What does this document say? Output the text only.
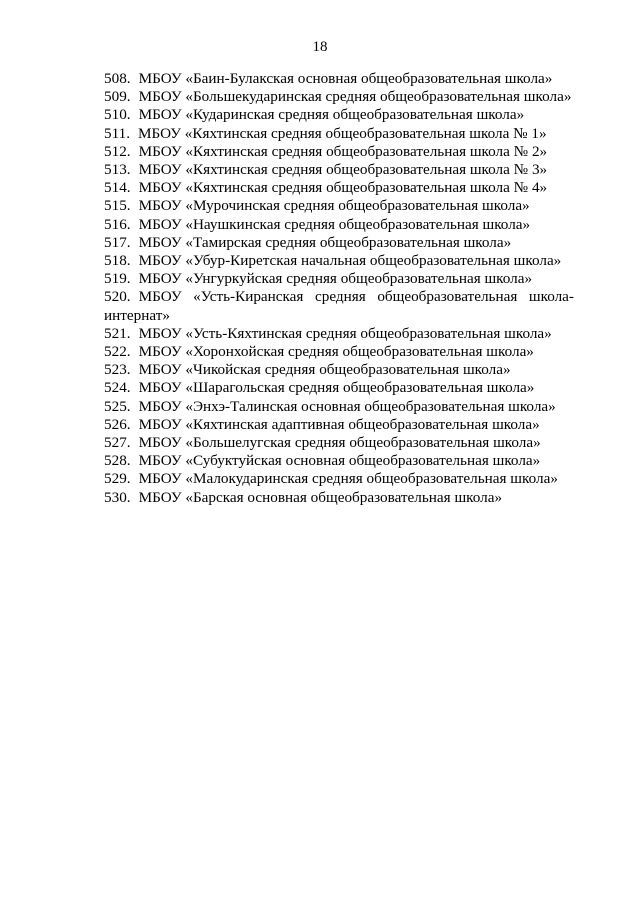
18
508. МБОУ «Баин-Булакская основная общеобразовательная школа»
509. МБОУ «Большекударинская средняя общеобразовательная школа»
510. МБОУ «Кударинская средняя общеобразовательная школа»
511. МБОУ «Кяхтинская средняя общеобразовательная школа № 1»
512. МБОУ «Кяхтинская средняя общеобразовательная школа № 2»
513. МБОУ «Кяхтинская средняя общеобразовательная школа № 3»
514. МБОУ «Кяхтинская средняя общеобразовательная школа № 4»
515. МБОУ «Мурочинская средняя общеобразовательная школа»
516. МБОУ «Наушкинская средняя общеобразовательная школа»
517. МБОУ «Тамирская средняя общеобразовательная школа»
518. МБОУ «Убур-Киретская начальная общеобразовательная школа»
519. МБОУ «Унгуркуйская средняя общеобразовательная школа»
520. МБОУ «Усть-Киранская средняя общеобразовательная школа-интернат»
521. МБОУ «Усть-Кяхтинская средняя общеобразовательная школа»
522. МБОУ «Хоронхойская средняя общеобразовательная школа»
523. МБОУ «Чикойская средняя общеобразовательная школа»
524. МБОУ «Шарагольская средняя общеобразовательная школа»
525. МБОУ «Энхэ-Талинская основная общеобразовательная школа»
526. МБОУ «Кяхтинская адаптивная общеобразовательная школа»
527. МБОУ «Большелугская средняя общеобразовательная школа»
528. МБОУ «Субуктуйская основная общеобразовательная школа»
529. МБОУ «Малокударинская средняя общеобразовательная школа»
530. МБОУ «Барская основная общеобразовательная школа»
